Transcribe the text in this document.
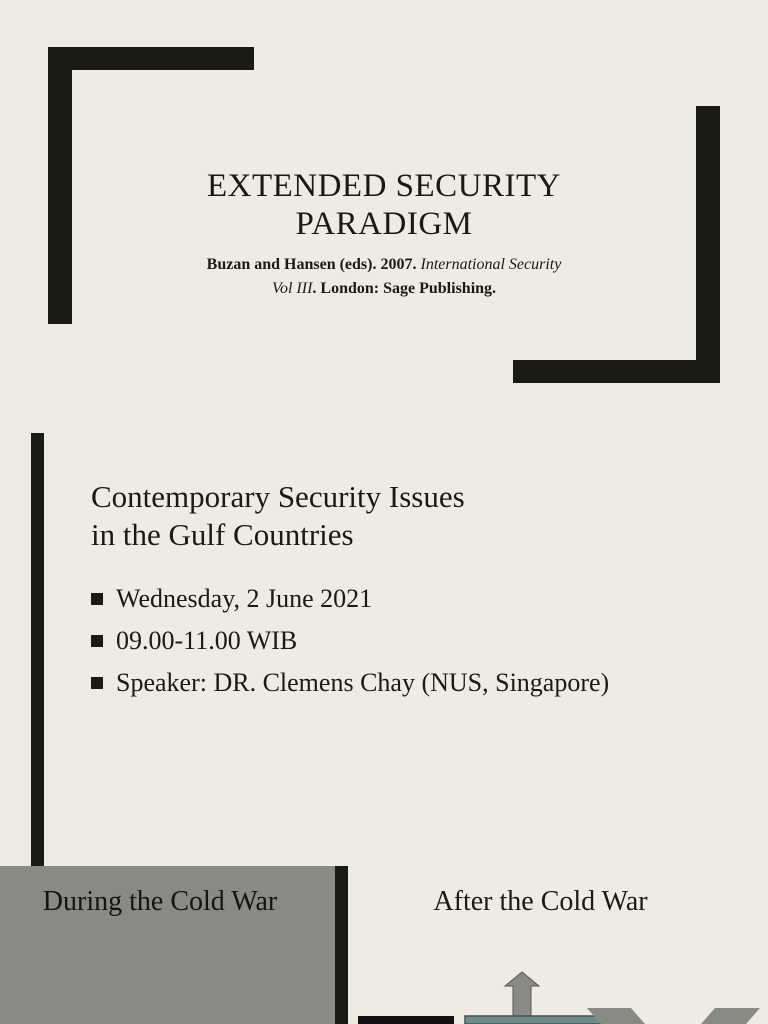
EXTENDED SECURITY
PARADIGM
Buzan and Hansen (eds). 2007. International Security
Vol III. London: Sage Publishing.
Contemporary Security Issues
in the Gulf Countries
Wednesday, 2 June 2021
09.00-11.00 WIB
Speaker: DR. Clemens Chay (NUS, Singapore)
During the Cold War	After the Cold War
